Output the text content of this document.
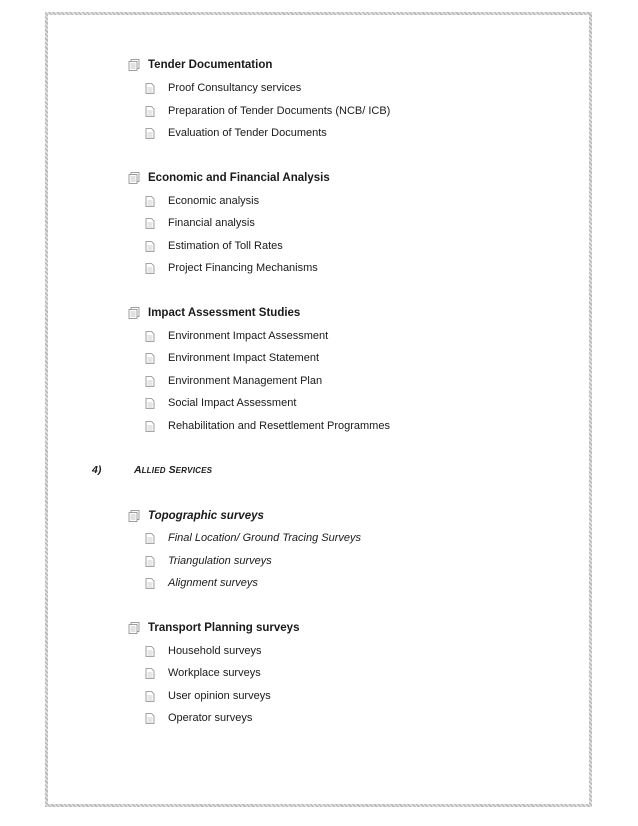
Tender Documentation
Proof Consultancy services
Preparation of Tender Documents (NCB/ ICB)
Evaluation of Tender Documents
Economic and Financial Analysis
Economic analysis
Financial analysis
Estimation of Toll Rates
Project Financing Mechanisms
Impact Assessment Studies
Environment Impact Assessment
Environment Impact Statement
Environment Management Plan
Social Impact Assessment
Rehabilitation and Resettlement Programmes
4)	ALLIED SERVICES
Topographic surveys
Final Location/ Ground Tracing Surveys
Triangulation surveys
Alignment surveys
Transport Planning surveys
Household surveys
Workplace surveys
User opinion surveys
Operator surveys
